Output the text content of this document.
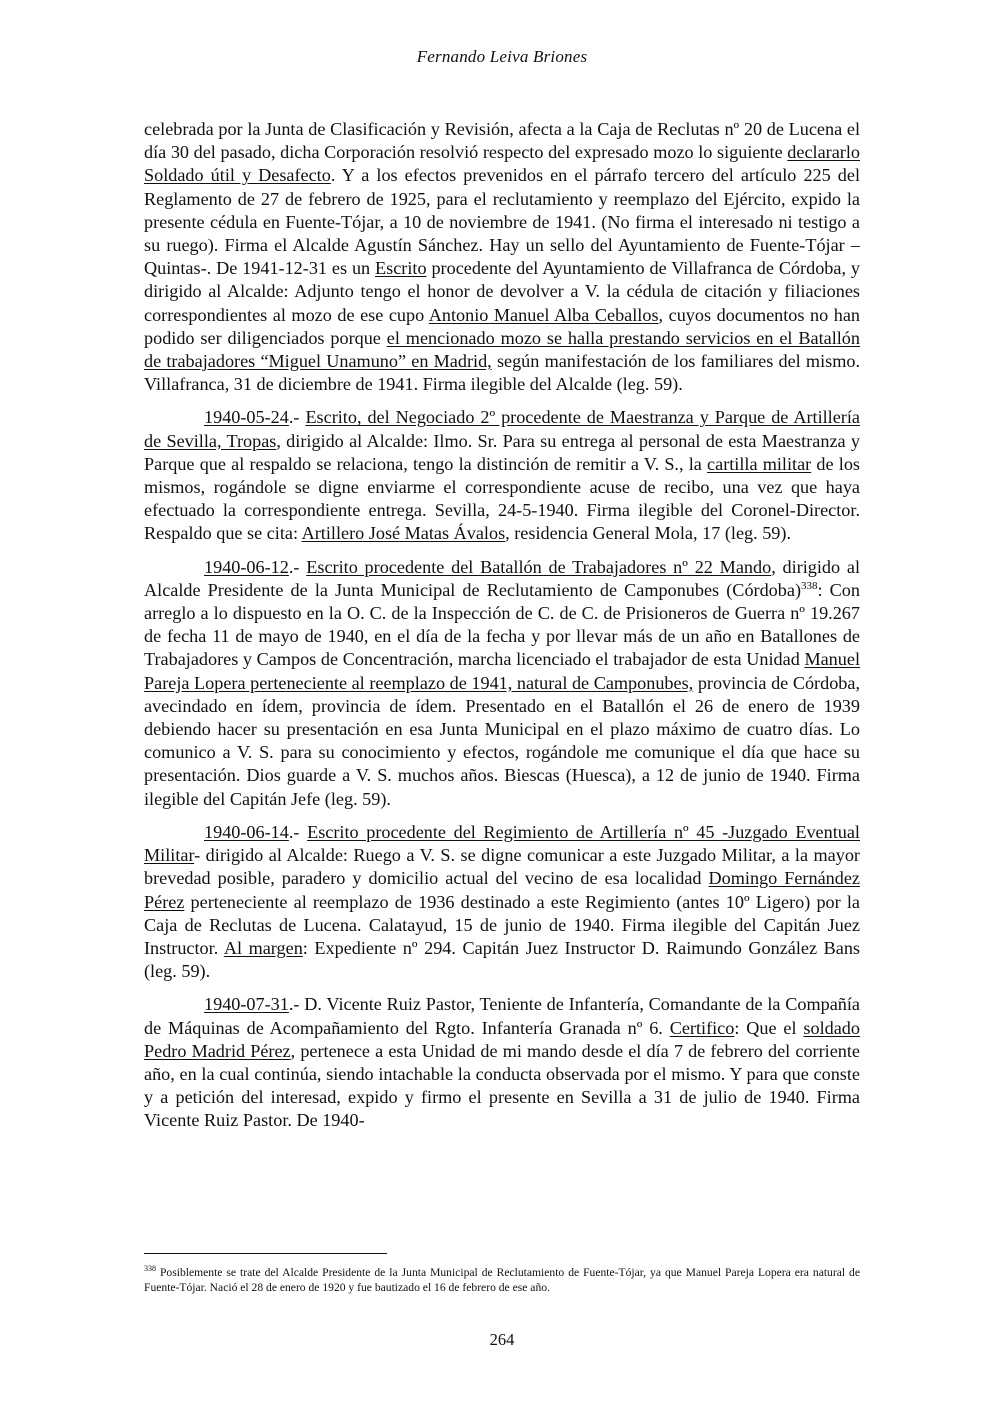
Fernando Leiva Briones

celebrada por la Junta de Clasificación y Revisión, afecta a la Caja de Reclutas nº 20 de Lucena el día 30 del pasado, dicha Corporación resolvió respecto del expresado mozo lo siguiente declararlo Soldado útil y Desafecto. Y a los efectos prevenidos en el párrafo tercero del artículo 225 del Reglamento de 27 de febrero de 1925, para el reclutamiento y reemplazo del Ejército, expido la presente cédula en Fuente-Tójar, a 10 de noviembre de 1941. (No firma el interesado ni testigo a su ruego). Firma el Alcalde Agustín Sánchez. Hay un sello del Ayuntamiento de Fuente-Tójar –Quintas-. De 1941-12-31 es un Escrito procedente del Ayuntamiento de Villafranca de Córdoba, y dirigido al Alcalde: Adjunto tengo el honor de devolver a V. la cédula de citación y filiaciones correspondientes al mozo de ese cupo Antonio Manuel Alba Ceballos, cuyos documentos no han podido ser diligenciados porque el mencionado mozo se halla prestando servicios en el Batallón de trabajadores “Miguel Unamuno” en Madrid, según manifestación de los familiares del mismo. Villafranca, 31 de diciembre de 1941. Firma ilegible del Alcalde (leg. 59).

1940-05-24.- Escrito, del Negociado 2º procedente de Maestranza y Parque de Artillería de Sevilla, Tropas, dirigido al Alcalde: Ilmo. Sr. Para su entrega al personal de esta Maestranza y Parque que al respaldo se relaciona, tengo la distinción de remitir a V. S., la cartilla militar de los mismos, rogándole se digne enviarme el correspondiente acuse de recibo, una vez que haya efectuado la correspondiente entrega. Sevilla, 24-5-1940. Firma ilegible del Coronel-Director. Respaldo que se cita: Artillero José Matas Ávalos, residencia General Mola, 17 (leg. 59).

1940-06-12.- Escrito procedente del Batallón de Trabajadores nº 22 Mando, dirigido al Alcalde Presidente de la Junta Municipal de Reclutamiento de Camponubes (Córdoba)$^{338}$: Con arreglo a lo dispuesto en la O. C. de la Inspección de C. de C. de Prisioneros de Guerra nº 19.267 de fecha 11 de mayo de 1940, en el día de la fecha y por llevar más de un año en Batallones de Trabajadores y Campos de Concentración, marcha licenciado el trabajador de esta Unidad Manuel Pareja Lopera perteneciente al reemplazo de 1941, natural de Camponubes, provincia de Córdoba, avecindado en ídem, provincia de ídem. Presentado en el Batallón el 26 de enero de 1939 debiendo hacer su presentación en esa Junta Municipal en el plazo máximo de cuatro días. Lo comunico a V. S. para su conocimiento y efectos, rogándole me comunique el día que hace su presentación. Dios guarde a V. S. muchos años. Biescas (Huesca), a 12 de junio de 1940. Firma ilegible del Capitán Jefe (leg. 59).

1940-06-14.- Escrito procedente del Regimiento de Artillería nº 45 -Juzgado Eventual Militar- dirigido al Alcalde: Ruego a V. S. se digne comunicar a este Juzgado Militar, a la mayor brevedad posible, paradero y domicilio actual del vecino de esa localidad Domingo Fernández Pérez perteneciente al reemplazo de 1936 destinado a este Regimiento (antes 10º Ligero) por la Caja de Reclutas de Lucena. Calatayud, 15 de junio de 1940. Firma ilegible del Capitán Juez Instructor. Al margen: Expediente nº 294. Capitán Juez Instructor D. Raimundo González Bans (leg. 59).

1940-07-31.- D. Vicente Ruiz Pastor, Teniente de Infantería, Comandante de la Compañía de Máquinas de Acompañamiento del Rgto. Infantería Granada nº 6. Certifico: Que el soldado Pedro Madrid Pérez, pertenece a esta Unidad de mi mando desde el día 7 de febrero del corriente año, en la cual continúa, siendo intachable la conducta observada por el mismo. Y para que conste y a petición del interesad, expido y firmo el presente en Sevilla a 31 de julio de 1940. Firma Vicente Ruiz Pastor. De 1940-

$^{338}$ Posiblemente se trate del Alcalde Presidente de la Junta Municipal de Reclutamiento de Fuente-Tójar, ya que Manuel Pareja Lopera era natural de Fuente-Tójar. Nació el 28 de enero de 1920 y fue bautizado el 16 de febrero de ese año.
264
